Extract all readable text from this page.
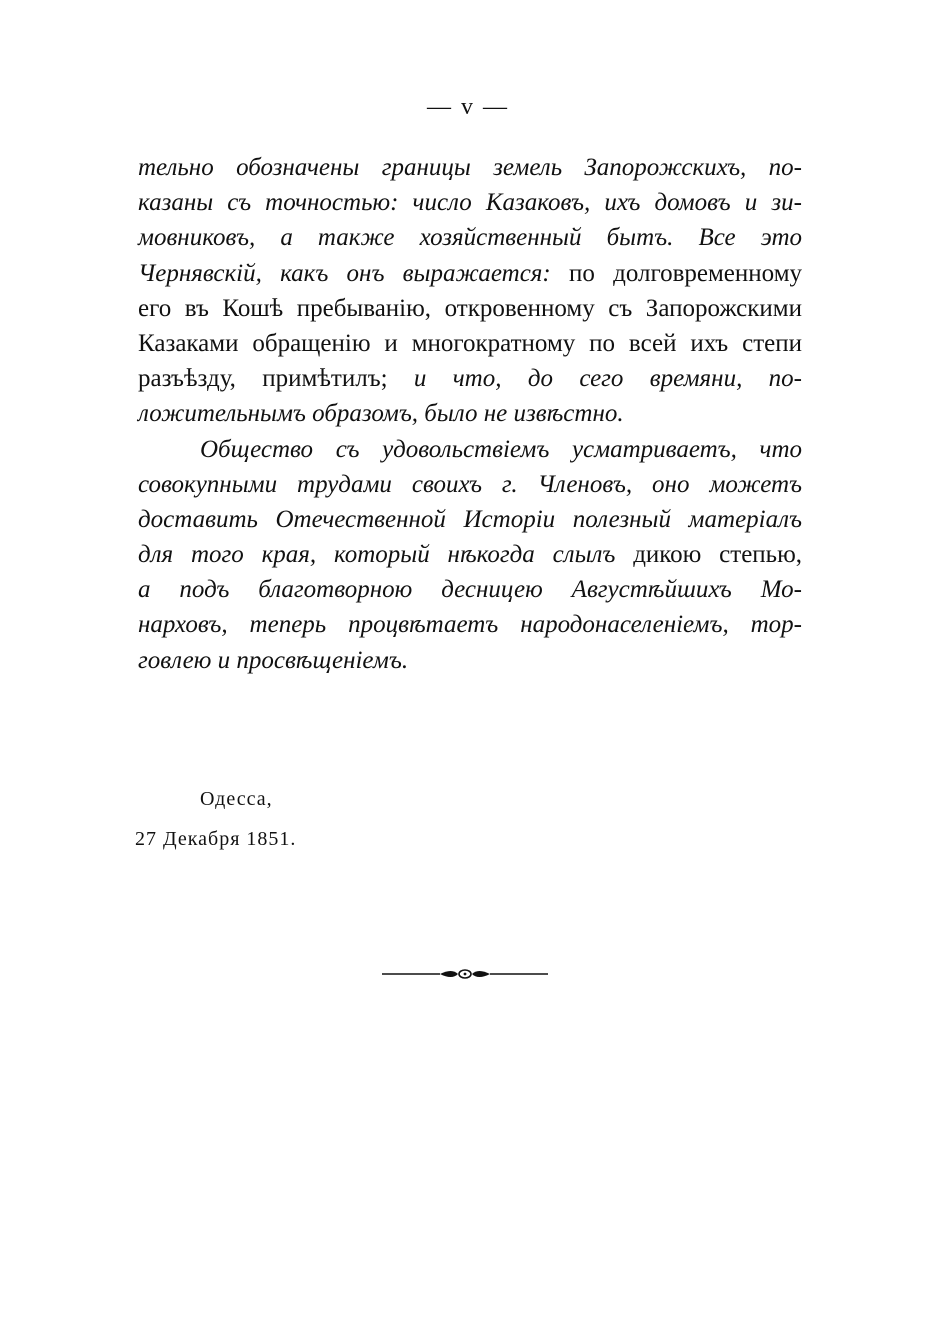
— v —
тельно обозначены границы земель Запорожскихъ, по-
казаны съ точностью: число Казаковъ, ихъ домовъ и зи-
мовниковъ, а также хозяйственный бытъ. Все это
Чернявскій, какъ онъ выражается: по долговременному
его въ Кошѣ пребыванію, откровенному съ Запорожскими
Казаками обращенію и многократному по всей ихъ степи
разъѣзду, примѣтилъ; и что, до сего времяни, по-
ложительнымъ образомъ, было не извѣстно.
Общество съ удовольствіемъ усматриваетъ, что
совокупными трудами своихъ г. Членовъ, оно можетъ
доставить Отечественной Исторіи полезный матеріалъ
для того края, который нѣкогда слылъ дикою степью,
а подъ благотворною десницею Августѣйшихъ Мо-
нарховъ, теперь процвѣтаетъ народонаселеніемъ, тор-
говлею и просвѣщеніемъ.
Одесса,
27 Декабря 1851.
